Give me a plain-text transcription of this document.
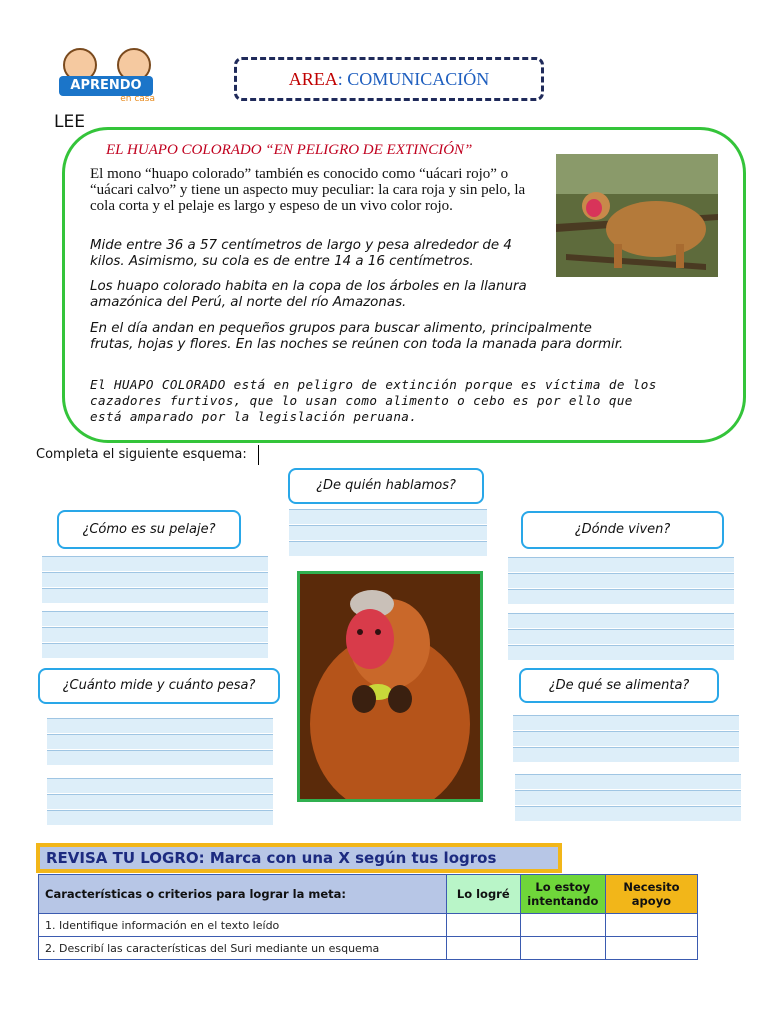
APRENDO
en casa
AREA: COMUNICACIÓN
LEE
EL HUAPO COLORADO “EN PELIGRO DE EXTINCIÓN”

El mono “huapo colorado” también es conocido como “uácari rojo” o “uácari calvo” y tiene un aspecto muy peculiar: la cara roja y sin pelo, la cola corta y el pelaje es largo y espeso de un vivo color rojo.

Mide entre 36 a 57 centímetros de largo y pesa alrededor de 4 kilos. Asimismo, su cola es de entre 14 a 16 centímetros.

Los huapo colorado habita en la copa de los árboles en la llanura amazónica del Perú, al norte del río Amazonas.

En el día andan en pequeños grupos para buscar alimento, principalmente frutas, hojas y flores. En las noches se reúnen con toda la manada para dormir.

El HUAPO COLORADO está en peligro de extinción porque es víctima de los cazadores furtivos, que lo usan como alimento o cebo es por ello que está amparado por la legislación peruana.

Completa el siguiente esquema:
¿De quién hablamos?
¿Cómo es su pelaje?	¿Dónde viven?
¿Cuánto mide y cuánto pesa?	¿De qué se alimenta?
REVISA TU LOGRO: Marca con una X según tus logros
Características o criterios para lograr la meta:	Lo logré	Lo estoy intentando	Necesito apoyo
1. Identifique información en el texto leído			
2. Describí las características del Suri mediante un esquema			
